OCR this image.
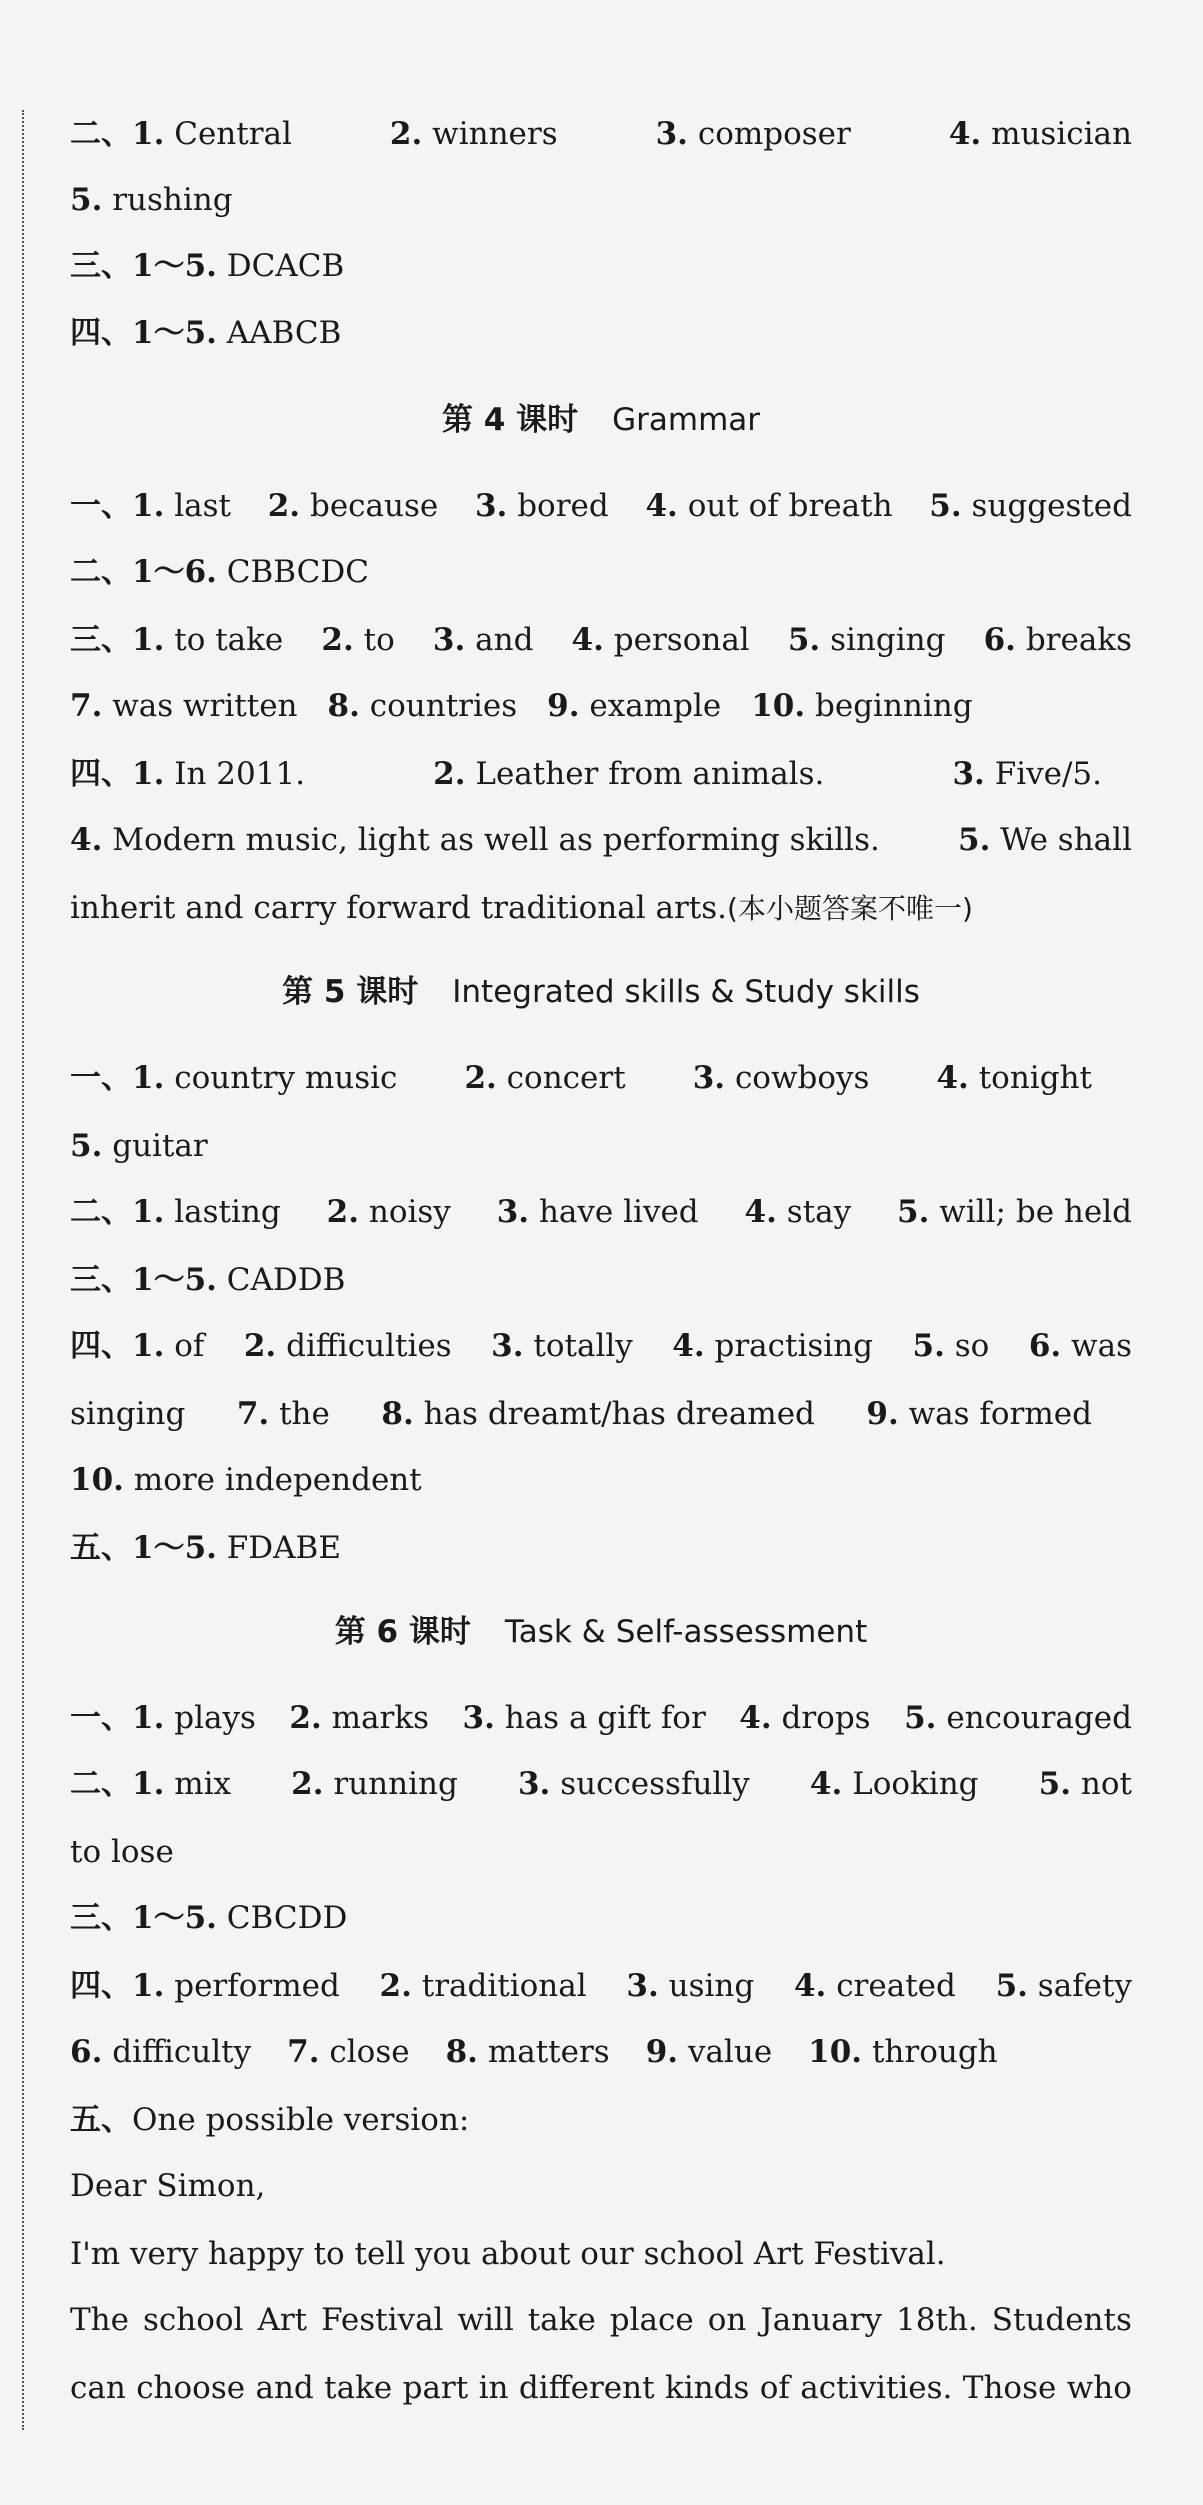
二、1. Central	2. winners	3. composer	4. musician
5. rushing
三、1～5. DCACB
四、1～5. AABCB
第 4 课时 Grammar
一、1. last 2. because 3. bored 4. out of breath 5. suggested
二、1～6. CBBCDC
三、1. to take 2. to 3. and 4. personal 5. singing 6. breaks
7. was written 8. countries 9. example 10. beginning
四、1. In 2011.	2. Leather from animals.	3. Five/5.
4. Modern music, light as well as performing skills.	5. We shall
inherit and carry forward traditional arts.(本小题答案不唯一)
第 5 课时 Integrated skills & Study skills
一、1. country music 2. concert 3. cowboys 4. tonight
5. guitar
二、1. lasting 2. noisy 3. have lived 4. stay 5. will; be held
三、1～5. CADDB
四、1. of 2. difficulties 3. totally 4. practising 5. so 6. was
singing 7. the 8. has dreamt/has dreamed 9. was formed
10. more independent
五、1～5. FDABE
第 6 课时 Task & Self-assessment
一、1. plays 2. marks 3. has a gift for 4. drops 5. encouraged
二、1. mix 2. running 3. successfully 4. Looking 5. not
to lose
三、1～5. CBCDD
四、1. performed 2. traditional 3. using 4. created 5. safety
6. difficulty 7. close 8. matters 9. value 10. through
五、One possible version:
Dear Simon,
I'm very happy to tell you about our school Art Festival.
The school Art Festival will take place on January 18th. Students
can choose and take part in different kinds of activities. Those who
